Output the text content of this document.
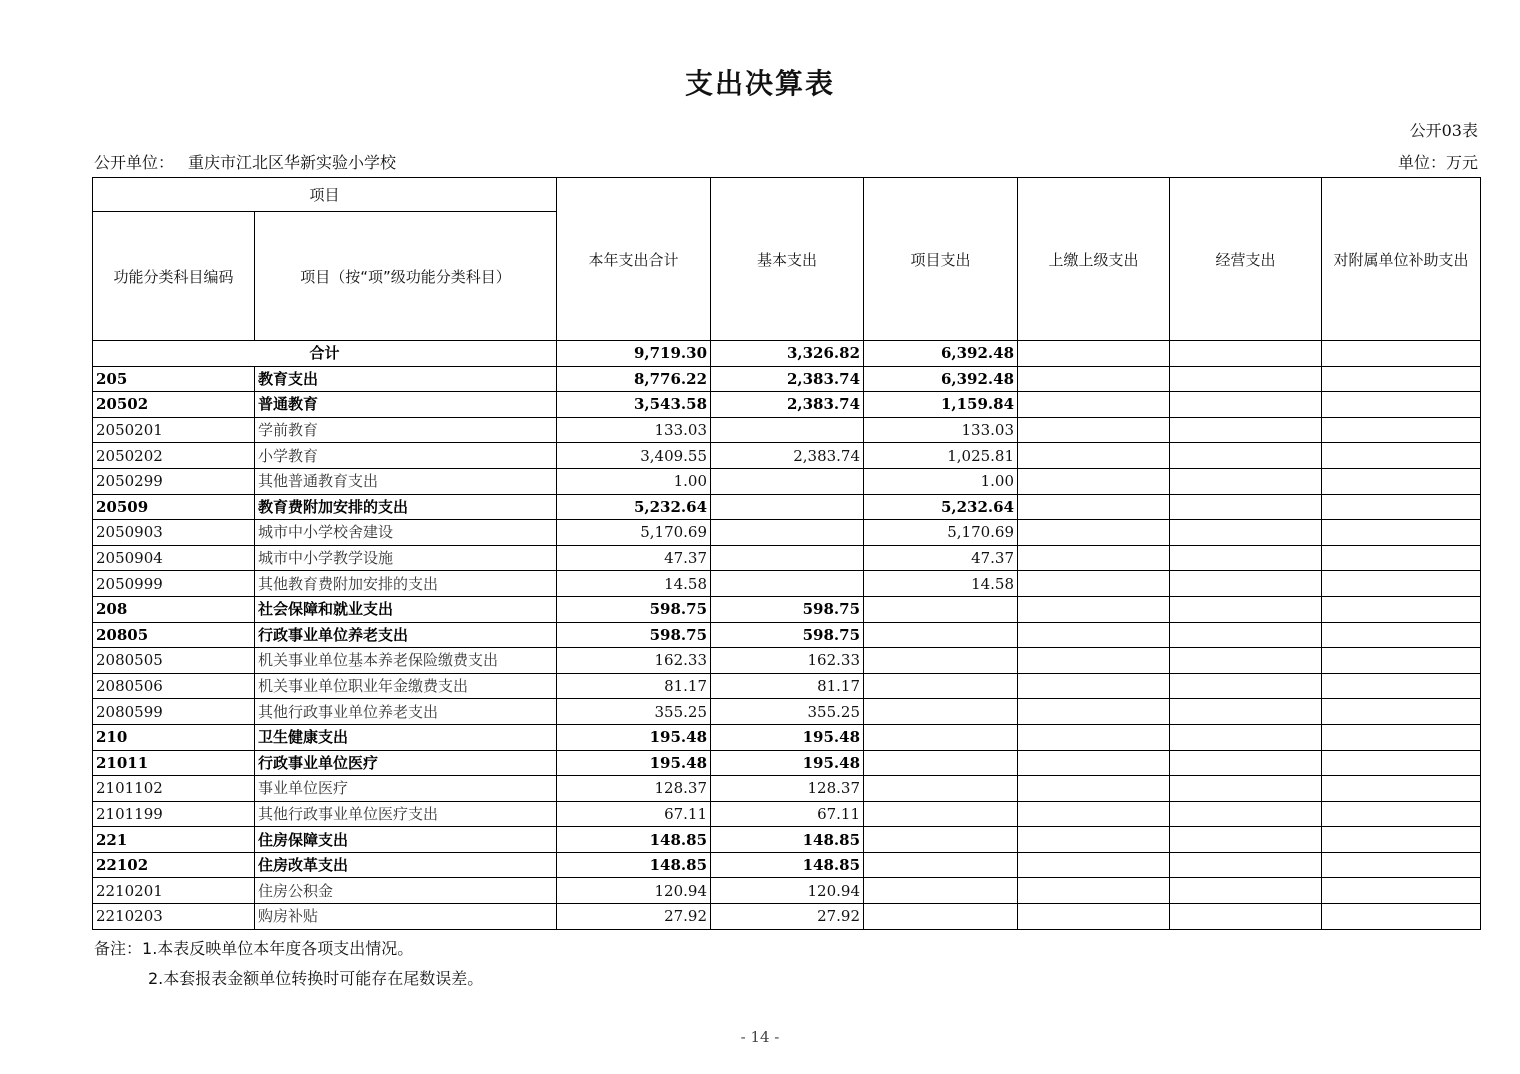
支出决算表
公开03表
公开单位： 重庆市江北区华新实验小学校	单位：万元
项目		本年支出合计	基本支出	项目支出	上缴上级支出	经营支出	对附属单位补助支出
功能分类科目编码	项目（按“项”级功能分类科目）						
合计		9,719.30	3,326.82	6,392.48			
205	教育支出	8,776.22	2,383.74	6,392.48			
20502	普通教育	3,543.58	2,383.74	1,159.84			
2050201	学前教育	133.03		133.03			
2050202	小学教育	3,409.55	2,383.74	1,025.81			
2050299	其他普通教育支出	1.00		1.00			
20509	教育费附加安排的支出	5,232.64		5,232.64			
2050903	城市中小学校舍建设	5,170.69		5,170.69			
2050904	城市中小学教学设施	47.37		47.37			
2050999	其他教育费附加安排的支出	14.58		14.58			
208	社会保障和就业支出	598.75	598.75				
20805	行政事业单位养老支出	598.75	598.75				
2080505	机关事业单位基本养老保险缴费支出	162.33	162.33				
2080506	机关事业单位职业年金缴费支出	81.17	81.17				
2080599	其他行政事业单位养老支出	355.25	355.25				
210	卫生健康支出	195.48	195.48				
21011	行政事业单位医疗	195.48	195.48				
2101102	事业单位医疗	128.37	128.37				
2101199	其他行政事业单位医疗支出	67.11	67.11				
221	住房保障支出	148.85	148.85				
22102	住房改革支出	148.85	148.85				
2210201	住房公积金	120.94	120.94				
2210203	购房补贴	27.92	27.92				
备注：1.本表反映单位本年度各项支出情况。
2.本套报表金额单位转换时可能存在尾数误差。
- 14 -
